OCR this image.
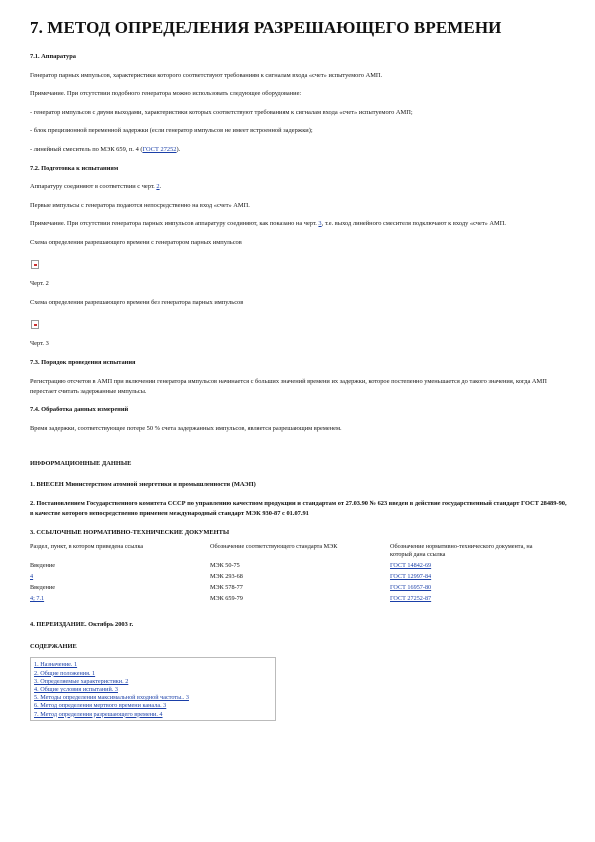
7. МЕТОД ОПРЕДЕЛЕНИЯ РАЗРЕШАЮЩЕГО ВРЕМЕНИ

7.1. Аппаратура

Генератор парных импульсов, характеристики которого соответствуют требованиям к сигналам входа «счет» испытуемого АМП.

Примечание. При отсутствии подобного генератора можно использовать следующее оборудование:

- генератор импульсов с двумя выходами, характеристики которых соответствуют требованиям к сигналам входа «счет» испытуемого АМП;

- блок прецизионной переменной задержки (если генератор импульсов не имеет встроенной задержки);

- линейный смеситель по МЭК 659, п. 4 (ГОСТ 27252).

7.2. Подготовка к испытаниям

Аппаратуру соединяют в соответствии с черт. 2.

Первые импульсы с генератора подаются непосредственно на вход «счет» АМП.

Примечание. При отсутствии генератора парных импульсов аппаратуру соединяют, как показано на черт. 3, т.е. выход линейного смесителя подключают к входу «счет» АМП.

Схема определения разрешающего времени с генератором парных импульсов

Черт. 2

Схема определения разрешающего времени без генератора парных импульсов

Черт. 3

7.3. Порядок проведения испытания

Регистрацию отсчетов в АМП при включении генератора импульсов начинается с больших значений времени их задержки, которое постепенно уменьшается до такого значения, когда АМП перестает считать задержанные импульсы.

7.4. Обработка данных измерений

Время задержки, соответствующее потере 50 % счета задержанных импульсов, является разрешающим временем.

ИНФОРМАЦИОННЫЕ ДАННЫЕ

1. ВНЕСЕН Министерством атомной энергетики и промышленности (МАЭП)

2. Постановлением Государственного комитета СССР по управлению качеством продукции и стандартам от 27.03.90 № 623 введен в действие государственный стандарт ГОСТ 28489-90, в качестве которого непосредственно применен международный стандарт МЭК 930-87 с 01.07.91

3. ССЫЛОЧНЫЕ НОРМАТИВНО-ТЕХНИЧЕСКИЕ ДОКУМЕНТЫ

Раздел, пункт, в котором приведена ссылка	Обозначение соответствующего стандарта МЭК	Обозначение нормативно-технического документа, на который дана ссылка
Введение	МЭК 50-75	ГОСТ 14842-69
4	МЭК 293-68	ГОСТ 12997-84
Введение	МЭК 578-77	ГОСТ 16957-80
4; 7.1	МЭК 659-79	ГОСТ 27252-87

4. ПЕРЕИЗДАНИЕ. Октябрь 2003 г.

СОДЕРЖАНИЕ

1. Назначение. 1
2. Общие положения. 1
3. Определяемые характеристики. 2
4. Общие условия испытаний. 3
5. Методы определения максимальной входной частоты.. 3
6. Метод определения мертвого времени канала. 3
7. Метод определения разрешающего времени. 4
